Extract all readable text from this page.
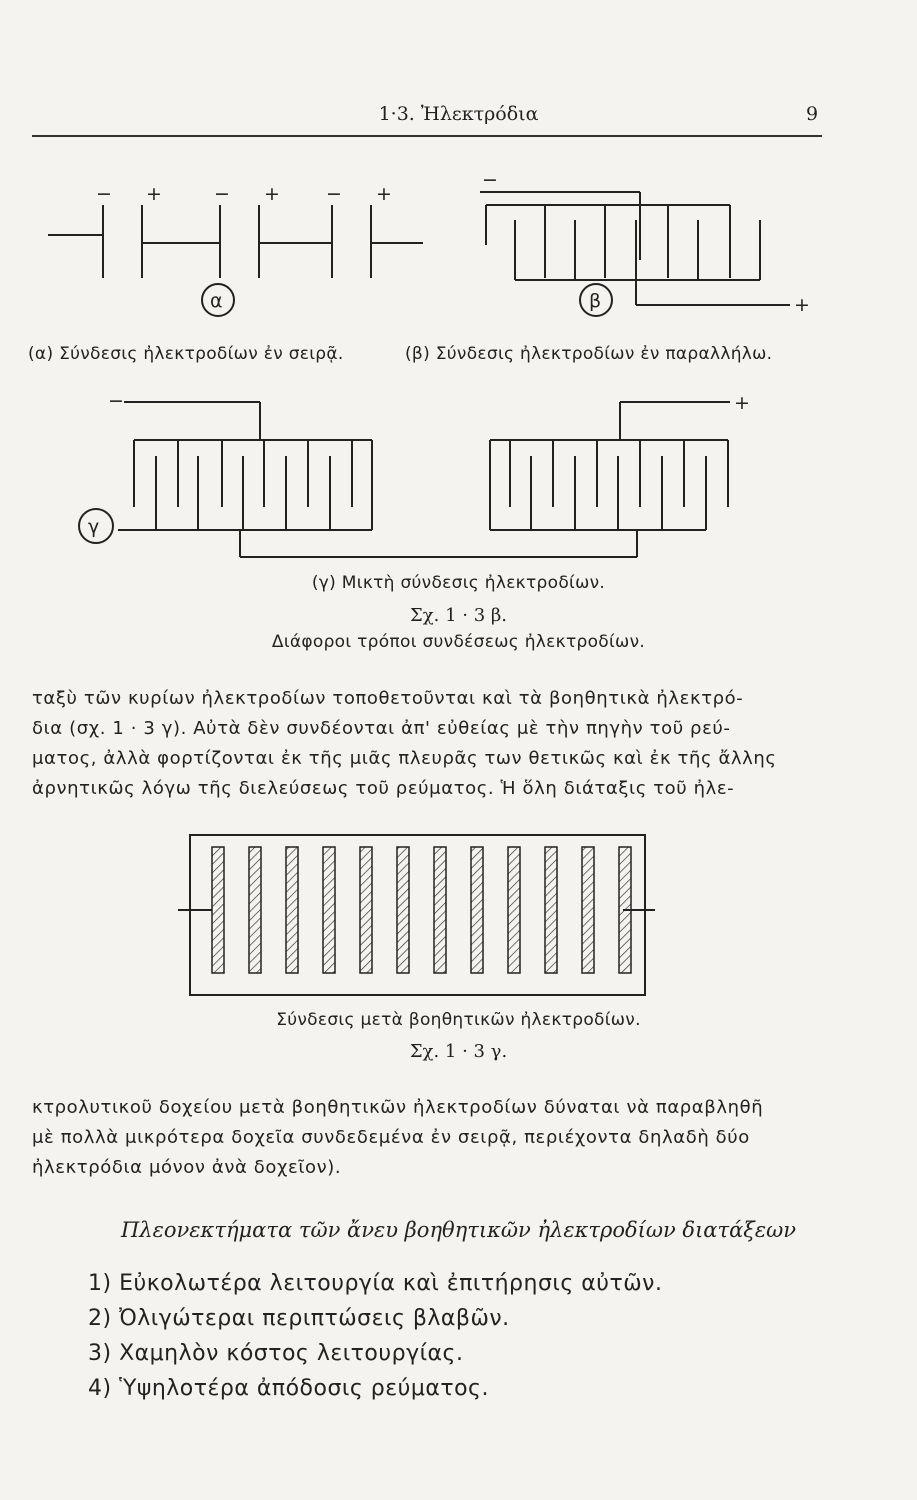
1·3. Ἠλεκτρόδια	9
− +	− + − +
α	β
−
+
(α) Σύνδεσις ἠλεκτροδίων ἐν σειρᾷ.	(β) Σύνδεσις ἠλεκτροδίων ἐν παραλλήλω.
−	+
γ
(γ) Μικτὴ σύνδεσις ἠλεκτροδίων.
Σχ. 1 · 3 β.
Διάφοροι τρόποι συνδέσεως ἠλεκτροδίων.
ταξὺ τῶν κυρίων ἠλεκτροδίων τοποθετοῦνται καὶ τὰ βοηθητικὰ ἠλεκτρό-
δια (σχ. 1 · 3 γ). Αὐτὰ δὲν συνδέονται ἀπ' εὐθείας μὲ τὴν πηγὴν τοῦ ρεύ-
ματος, ἀλλὰ φορτίζονται ἐκ τῆς μιᾶς πλευρᾶς των θετικῶς καὶ ἐκ τῆς ἄλλης
ἀρνητικῶς λόγω τῆς διελεύσεως τοῦ ρεύματος. Ἡ ὅλη διάταξις τοῦ ἠλε-
Σύνδεσις μετὰ βοηθητικῶν ἠλεκτροδίων.
Σχ. 1 · 3 γ.
κτρολυτικοῦ δοχείου μετὰ βοηθητικῶν ἠλεκτροδίων δύναται νὰ παραβληθῆ
μὲ πολλὰ μικρότερα δοχεῖα συνδεδεμένα ἐν σειρᾷ, περιέχοντα δηλαδὴ δύο
ἠλεκτρόδια μόνον ἀνὰ δοχεῖον).
Πλεονεκτήματα τῶν ἄνευ βοηθητικῶν ἠλεκτροδίων διατάξεων
1) Εὐκολωτέρα λειτουργία καὶ ἐπιτήρησις αὐτῶν.
2) Ὀλιγώτεραι περιπτώσεις βλαβῶν.
3) Χαμηλὸν κόστος λειτουργίας.
4) Ὑψηλοτέρα ἀπόδοσις ρεύματος.
